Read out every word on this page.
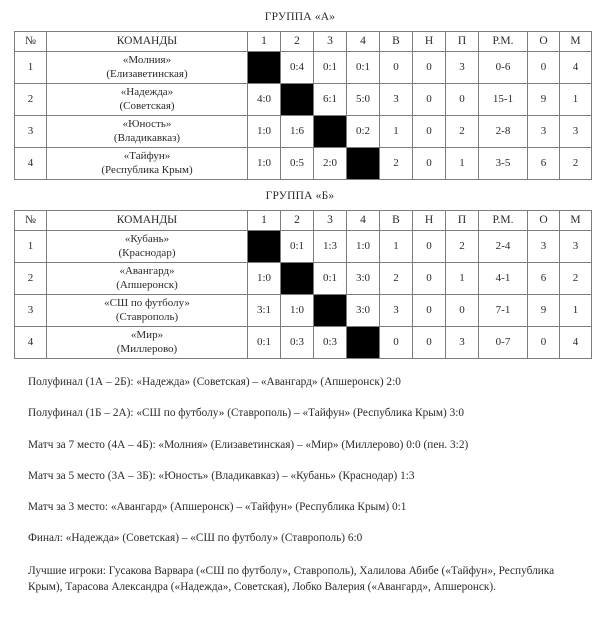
ГРУППА «А»
№	КОМАНДЫ	1	2	3	4	В	Н	П	Р.М.	О	М
1	«Молния»
(Елизаветинская)		0:4	0:1	0:1	0	0	3	0-6	0	4
2	«Надежда»
(Советская)	4:0		6:1	5:0	3	0	0	15-1	9	1
3	«Юность»
(Владикавказ)	1:0	1:6		0:2	1	0	2	2-8	3	3
4	«Тайфун»
(Республика Крым)	1:0	0:5	2:0		2	0	1	3-5	6	2
ГРУППА «Б»
№	КОМАНДЫ	1	2	3	4	В	Н	П	Р.М.	О	М
1	«Кубань»
(Краснодар)		0:1	1:3	1:0	1	0	2	2-4	3	3
2	«Авангард»
(Апшеронск)	1:0		0:1	3:0	2	0	1	4-1	6	2
3	«СШ по футболу»
(Ставрополь)	3:1	1:0		3:0	3	0	0	7-1	9	1
4	«Мир»
(Миллерово)	0:1	0:3	0:3		0	0	3	0-7	0	4
Полуфинал (1А – 2Б): «Надежда» (Советская) – «Авангард» (Апшеронск) 2:0
Полуфинал (1Б – 2А): «СШ по футболу» (Ставрополь) – «Тайфун» (Республика Крым) 3:0
Матч за 7 место (4А – 4Б): «Молния» (Елизаветинская) – «Мир» (Миллерово) 0:0 (пен. 3:2)
Матч за 5 место (3А – 3Б): «Юность» (Владикавказ) – «Кубань» (Краснодар) 1:3
Матч за 3 место: «Авангард» (Апшеронск) – «Тайфун» (Республика Крым) 0:1
Финал: «Надежда» (Советская) – «СШ по футболу» (Ставрополь) 6:0

Лучшие игроки: Гусакова Варвара («СШ по футболу», Ставрополь), Халилова Абибе («Тайфун», Республика Крым), Тарасова Александра («Надежда», Советская), Лобко Валерия («Авангард», Апшеронск).
